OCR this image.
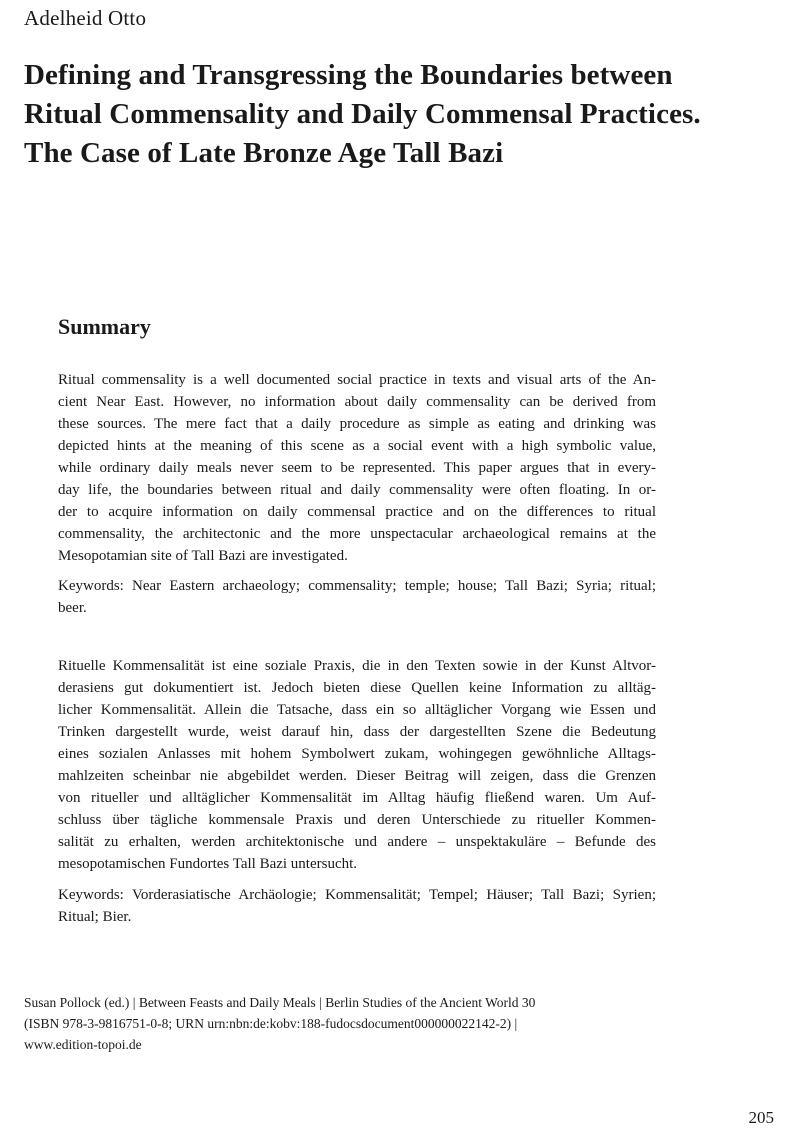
Adelheid Otto
Defining and Transgressing the Boundaries between
Ritual Commensality and Daily Commensal Practices.
The Case of Late Bronze Age Tall Bazi
Summary

Ritual commensality is a well documented social practice in texts and visual arts of the An-
cient Near East. However, no information about daily commensality can be derived from
these sources. The mere fact that a daily procedure as simple as eating and drinking was
depicted hints at the meaning of this scene as a social event with a high symbolic value,
while ordinary daily meals never seem to be represented. This paper argues that in every-
day life, the boundaries between ritual and daily commensality were often floating. In or-
der to acquire information on daily commensal practice and on the differences to ritual
commensality, the architectonic and the more unspectacular archaeological remains at the
Mesopotamian site of Tall Bazi are investigated.

Keywords: Near Eastern archaeology; commensality; temple; house; Tall Bazi; Syria; ritual;
beer.

Rituelle Kommensalität ist eine soziale Praxis, die in den Texten sowie in der Kunst Altvor-
derasiens gut dokumentiert ist. Jedoch bieten diese Quellen keine Information zu alltäg-
licher Kommensalität. Allein die Tatsache, dass ein so alltäglicher Vorgang wie Essen und
Trinken dargestellt wurde, weist darauf hin, dass der dargestellten Szene die Bedeutung
eines sozialen Anlasses mit hohem Symbolwert zukam, wohingegen gewöhnliche Alltags-
mahlzeiten scheinbar nie abgebildet werden. Dieser Beitrag will zeigen, dass die Grenzen
von ritueller und alltäglicher Kommensalität im Alltag häufig fließend waren. Um Auf-
schluss über tägliche kommensale Praxis und deren Unterschiede zu ritueller Kommen-
salität zu erhalten, werden architektonische und andere – unspektakuläre – Befunde des
mesopotamischen Fundortes Tall Bazi untersucht.

Keywords: Vorderasiatische Archäologie; Kommensalität; Tempel; Häuser; Tall Bazi; Syrien;
Ritual; Bier.

Susan Pollock (ed.) | Between Feasts and Daily Meals | Berlin Studies of the Ancient World 30
(ISBN 978-3-9816751-0-8; URN urn:nbn:de:kobv:188-fudocsdocument000000022142-2) |
www.edition-topoi.de

205
